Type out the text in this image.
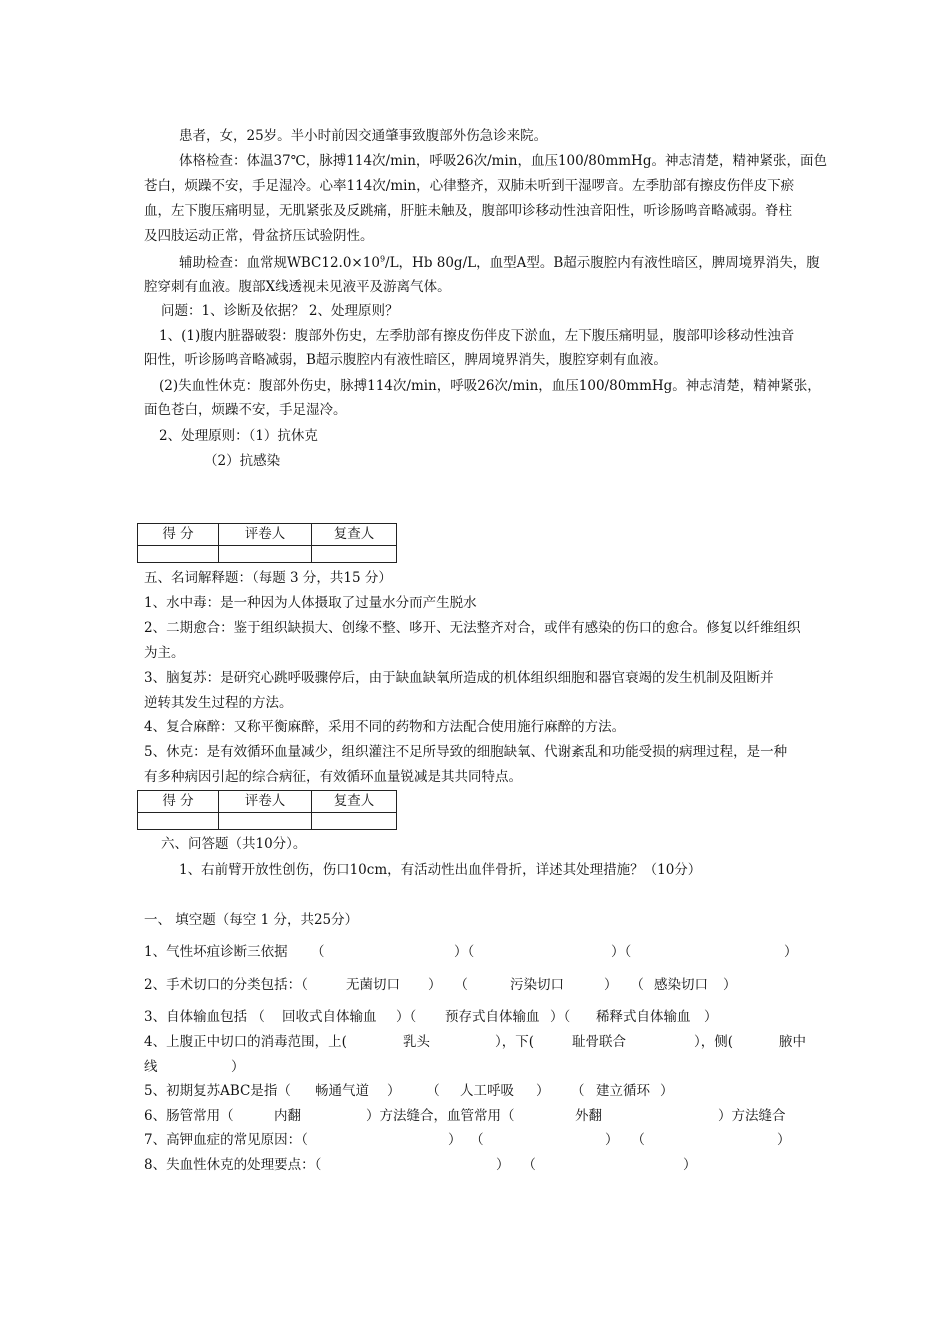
患者，女，25岁。半小时前因交通肇事致腹部外伤急诊来院。
体格检查：体温37℃，脉搏114次/min，呼吸26次/min，血压100/80mmHg。神志清楚，精神紧张，面色
苍白，烦躁不安，手足湿冷。心率114次/min，心律整齐，双肺未听到干湿啰音。左季肋部有擦皮伤伴皮下瘀
血，左下腹压痛明显，无肌紧张及反跳痛，肝脏未触及，腹部叩诊移动性浊音阳性，听诊肠鸣音略减弱。脊柱
及四肢运动正常，骨盆挤压试验阴性。
辅助检查：血常规$WBC12.0\times 10^9/L$，Hb 80g/L，血型A型。B超示腹腔内有液性暗区，脾周境界消失，腹
腔穿刺有血液。腹部X线透视未见液平及游离气体。
问题：1、诊断及依据？ 2、处理原则？
1、(1)腹内脏器破裂：腹部外伤史，左季肋部有擦皮伤伴皮下淤血，左下腹压痛明显，腹部叩诊移动性浊音
阳性，听诊肠鸣音略减弱，B超示腹腔内有液性暗区，脾周境界消失，腹腔穿刺有血液。
(2)失血性休克：腹部外伤史，脉搏114次/min，呼吸26次/min，血压100/80mmHg。神志清楚，精神紧张，
面色苍白，烦躁不安，手足湿冷。
2、处理原则：（1）抗休克
（2）抗感染
得 分	评卷人	复查人

五、名词解释题：（每题 3 分，共15 分）
1、水中毒：是一种因为人体摄取了过量水分而产生脱水
2、二期愈合：鉴于组织缺损大、创缘不整、哆开、无法整齐对合，或伴有感染的伤口的愈合。修复以纤维组织
为主。
3、脑复苏：是研究心跳呼吸骤停后，由于缺血缺氧所造成的机体组织细胞和器官衰竭的发生机制及阻断并
逆转其发生过程的方法。
4、复合麻醉：又称平衡麻醉，采用不同的药物和方法配合使用施行麻醉的方法。
5、休克：是有效循环血量减少，组织灌注不足所导致的细胞缺氧、代谢紊乱和功能受损的病理过程，是一种
有多种病因引起的综合病征，有效循环血量锐减是其共同特点。
得 分	评卷人	复查人

六、问答题（共10分）。
1、右前臂开放性创伤，伤口10cm，有活动性出血伴骨折，详述其处理措施？（10分）
一、 填空题（每空 1 分，共25分）
1、气性坏疽诊断三依据 （	）（	）（	）
2、手术切口的分类包括：（	无菌切口 ）   （	污染切口	）   （ 感染切口 ）
3、自体输血包括 （ 回收式自体输血 ）（ 预存式自体输血 ）（ 稀释式自体输血 ）
4、上腹正中切口的消毒范围，上(	乳头	），下(	耻骨联合	），侧(	腋中
线	）
5、初期复苏ABC是指（ 畅通气道 ）      （ 人工呼吸 ）     （ 建立循环 ）
6、肠管常用（	内翻	）方法缝合，血管常用（	外翻	）方法缝合
7、高钾血症的常见原因：（	）  （	）   （	）
8、失血性休克的处理要点：（	）   （	）
